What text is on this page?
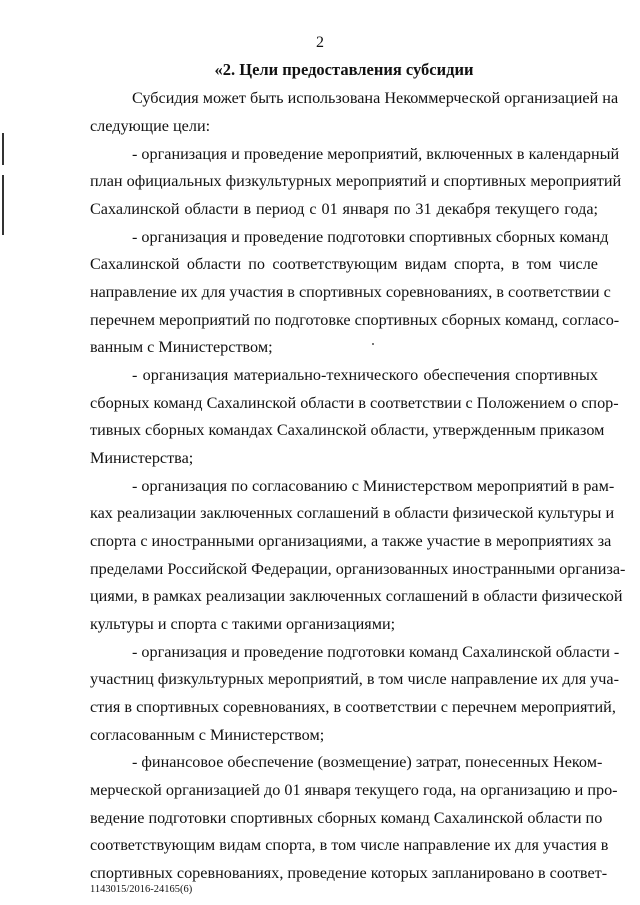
2
«2. Цели предоставления субсидии
Субсидия может быть использована Некоммерческой организацией на
следующие цели:
- организация и проведение мероприятий, включенных в календарный
план официальных физкультурных мероприятий и спортивных мероприятий
Сахалинской области в период с 01 января по 31 декабря текущего года;
- организация и проведение подготовки спортивных сборных команд
Сахалинской области по соответствующим видам спорта, в том числе
направление их для участия в спортивных соревнованиях, в соответствии с
перечнем мероприятий по подготовке спортивных сборных команд, согласо-
ванным с Министерством;
- организация материально-технического обеспечения спортивных
сборных команд Сахалинской области в соответствии с Положением о спор-
тивных сборных командах Сахалинской области, утвержденным приказом
Министерства;
- организация по согласованию с Министерством мероприятий в рам-
ках реализации заключенных соглашений в области физической культуры и
спорта с иностранными организациями, а также участие в мероприятиях за
пределами Российской Федерации, организованных иностранными организа-
циями, в рамках реализации заключенных соглашений в области физической
культуры и спорта с такими организациями;
- организация и проведение подготовки команд Сахалинской области -
участниц физкультурных мероприятий, в том числе направление их для уча-
стия в спортивных соревнованиях, в соответствии с перечнем мероприятий,
согласованным с Министерством;
- финансовое обеспечение (возмещение) затрат, понесенных Неком-
мерческой организацией до 01 января текущего года, на организацию и про-
ведение подготовки спортивных сборных команд Сахалинской области по
соответствующим видам спорта, в том числе направление их для участия в
спортивных соревнованиях, проведение которых запланировано в соответ-
1143015/2016-24165(6)
